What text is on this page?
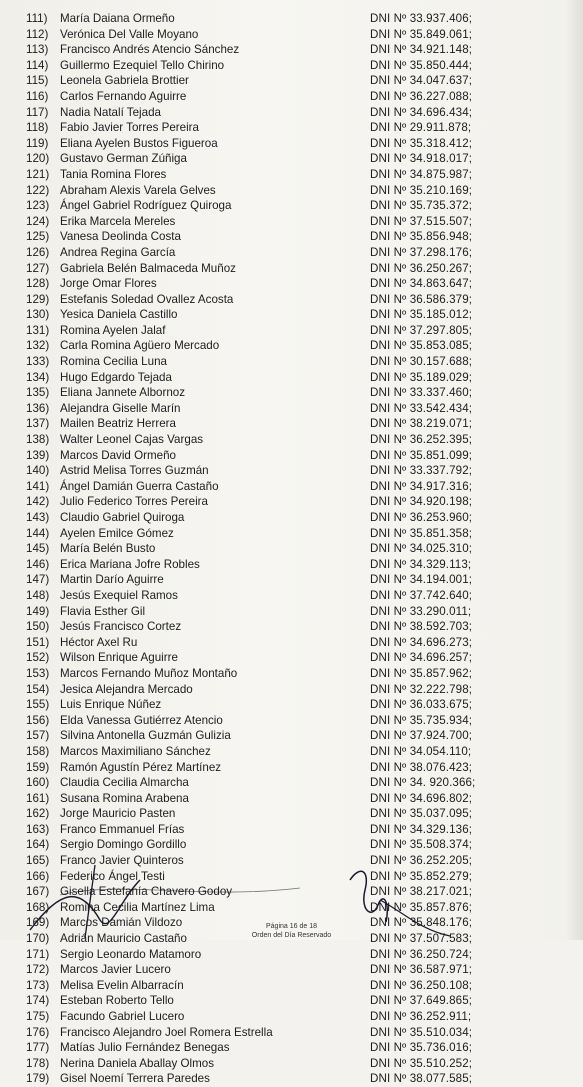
111)	María Daiana Ormeño	DNI Nº 33.937.406;
112)	Verónica Del Valle Moyano	DNI Nº 35.849.061;
113)	Francisco Andrés Atencio Sánchez	DNI Nº 34.921.148;
114)	Guillermo Ezequiel Tello Chirino	DNI Nº 35.850.444;
115)	Leonela Gabriela Brottier	DNI Nº 34.047.637;
116)	Carlos Fernando Aguirre	DNI Nº 36.227.088;
117)	Nadia Natalí Tejada	DNI Nº 34.696.434;
118)	Fabio Javier Torres Pereira	DNI Nº 29.911.878;
119)	Eliana Ayelen Bustos Figueroa	DNI Nº 35.318.412;
120) Gustavo German Zúñiga	DNI Nº 34.918.017;
121) Tania Romina Flores	DNI Nº 34.875.987;
122) Abraham Alexis Varela Gelves	DNI Nº 35.210.169;
123) Ángel Gabriel Rodríguez Quiroga	DNI Nº 35.735.372;
124) Erika Marcela Mereles	DNI Nº 37.515.507;
125) Vanesa Deolinda Costa	DNI Nº 35.856.948;
126) Andrea Regina García	DNI Nº 37.298.176;
127) Gabriela Belén Balmaceda Muñoz	DNI Nº 36.250.267;
128) Jorge Omar Flores	DNI Nº 34.863.647;
129) Estefanis Soledad Ovallez Acosta	DNI Nº 36.586.379;
130) Yesica Daniela Castillo	DNI Nº 35.185.012;
131) Romina Ayelen Jalaf	DNI Nº 37.297.805;
132) Carla Romina Agüero Mercado	DNI Nº 35.853.085;
133) Romina Cecilia Luna	DNI Nº 30.157.688;
134) Hugo Edgardo Tejada	DNI Nº 35.189.029;
135) Eliana Jannete Albornoz	DNI Nº 33.337.460;
136) Alejandra Giselle Marín	DNI Nº 33.542.434;
137) Mailen Beatriz Herrera	DNI Nº 38.219.071;
138) Walter Leonel Cajas Vargas	DNI Nº 36.252.395;
139) Marcos David Ormeño	DNI Nº 35.851.099;
140) Astrid Melisa Torres Guzmán	DNI Nº 33.337.792;
141) Ángel Damián Guerra Castaño	DNI Nº 34.917.316;
142) Julio Federico Torres Pereira	DNI Nº 34.920.198;
143) Claudio Gabriel Quiroga	DNI Nº 36.253.960;
144) Ayelen Emilce Gómez	DNI Nº 35.851.358;
145) María Belén Busto	DNI Nº 34.025.310;
146) Erica Mariana Jofre Robles	DNI Nº 34.329.113;
147) Martin Darío Aguirre	DNI Nº 34.194.001;
148) Jesús Exequiel Ramos	DNI Nº 37.742.640;
149) Flavia Esther Gil	DNI Nº 33.290.011;
150) Jesús Francisco Cortez	DNI Nº 38.592.703;
151) Héctor Axel Ru	DNI Nº 34.696.273;
152) Wilson Enrique Aguirre	DNI Nº 34.696.257;
153) Marcos Fernando Muñoz Montaño	DNI Nº 35.857.962;
154) Jesica Alejandra Mercado	DNI Nº 32.222.798;
155) Luis Enrique Núñez	DNI Nº 36.033.675;
156) Elda Vanessa Gutiérrez Atencio	DNI Nº 35.735.934;
157) Silvina Antonella Guzmán Gulizia	DNI Nº 37.924.700;
158) Marcos Maximiliano Sánchez	DNI Nº 34.054.110;
159) Ramón Agustín Pérez Martínez	DNI Nº 38.076.423;
160) Claudia Cecilia Almarcha	DNI Nº 34. 920.366;
161) Susana Romina Arabena	DNI Nº 34.696.802;
162) Jorge Mauricio Pasten	DNI Nº 35.037.095;
163) Franco Emmanuel Frías	DNI Nº 34.329.136;
164) Sergio Domingo Gordillo	DNI Nº 35.508.374;
165) Franco Javier Quinteros	DNI Nº 36.252.205;
166) Federico Ángel Testi	DNI Nº 35.852.279;
167) Gisella Estefanía Chavero Godoy	DNI Nº 38.217.021;
168) Romina Cecilia Martínez Lima	DNI Nº 35.857.876;
169) Marcos Damián Vildozo	DNI Nº 35.848.176;
170) Adrián Mauricio Castaño	DNI Nº 37.507.583;
171) Sergio Leonardo Matamoro	DNI Nº 36.250.724;
172) Marcos Javier Lucero	DNI Nº 36.587.971;
173) Melisa Evelin Albarracín	DNI Nº 36.250.108;
174) Esteban Roberto Tello	DNI Nº 37.649.865;
175) Facundo Gabriel Lucero	DNI Nº 36.252.911;
176) Francisco Alejandro Joel Romera Estrella	DNI Nº 35.510.034;
177) Matías Julio Fernández Benegas	DNI Nº 35.736.016;
178) Nerina Daniela Aballay Olmos	DNI Nº 35.510.252;
179) Gisel Noemí Terrera Paredes	DNI Nº 38.077.585;
Página 16 de 18
Orden del Día Reservado
